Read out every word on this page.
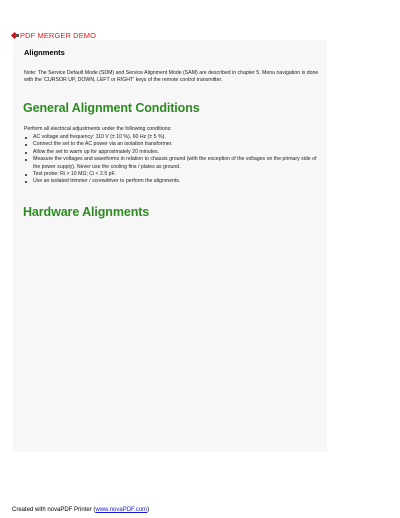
PDF MERGER DEMO
Alignments
Note: The Service Default Mode (SDM) and Service Alignment Mode (SAM) are described in chapter 5. Menu navigation is done with the 'CURSOR UP, DOWN, LEFT or RIGHT' keys of the remote control transmitter.
General Alignment Conditions
Perform all electrical adjustments under the following conditions:
AC voltage and frequency: 110 V (± 10 %), 60 Hz (± 5 %).
Connect the set to the AC power via an isolation transformer.
Allow the set to warm up for approximately 20 minutes.
Measure the voltages and waveforms in relation to chassis ground (with the exception of the voltages on the primary side of the power supply). Never use the cooling fins / plates as ground.
Test probe: Ri > 10 MΩ; Ci < 2.5 pF.
Use an isolated trimmer / screwdriver to perform the alignments.
Hardware Alignments
Created with novaPDF Printer (www.novaPDF.com)
